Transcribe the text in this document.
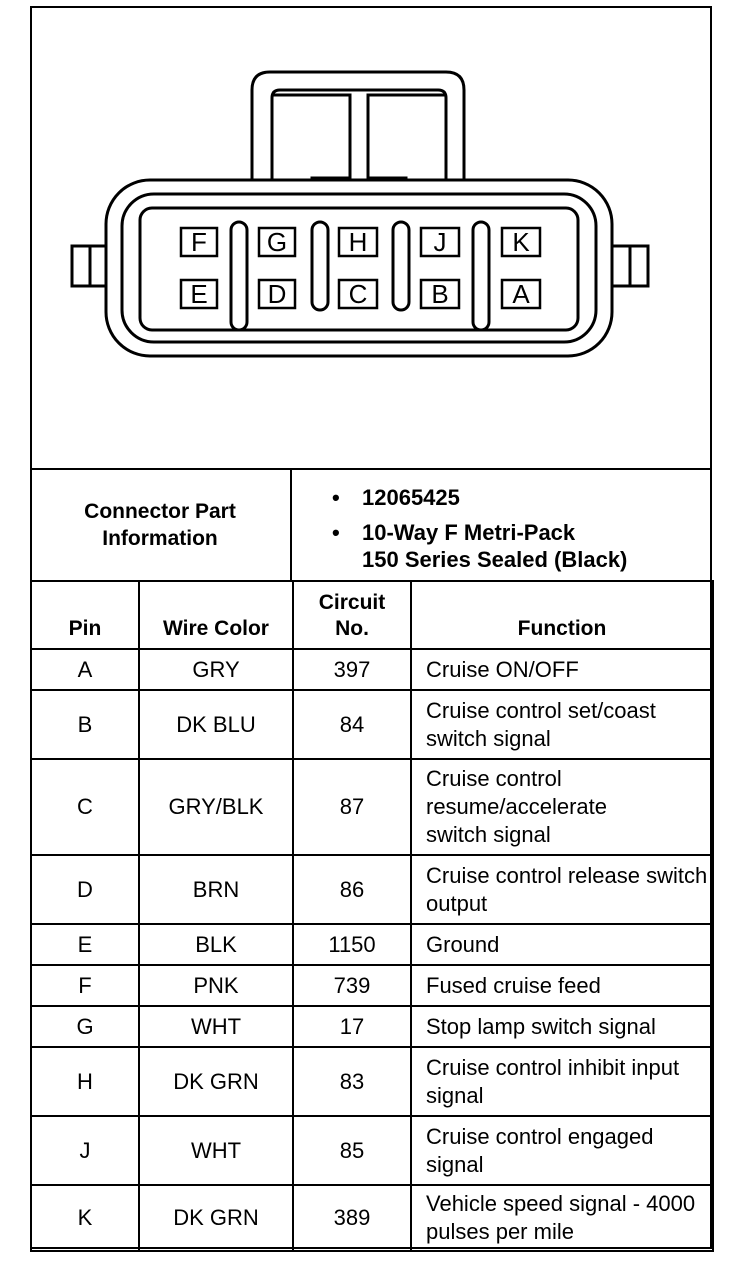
F G H	J	K
E D C B A
Connector Part Information
• 12065425
• 10-Way F Metri-Pack
150 Series Sealed (Black)
Pin	Wire Color	Circuit No.	Function
A	GRY	397	Cruise ON/OFF
B	DK BLU	84	Cruise control set/coast switch signal
C	GRY/BLK	87	Cruise control resume/accelerate switch signal

D	BRN	86	Cruise control release switch output
E	BLK	1150	Ground
F	PNK	739	Fused cruise feed
G	WHT	17	Stop lamp switch signal
H	DK GRN	83	Cruise control inhibit input signal
J	WHT	85	Cruise control engaged signal
K	DK GRN	389	Vehicle speed signal - 4000 pulses per mile
